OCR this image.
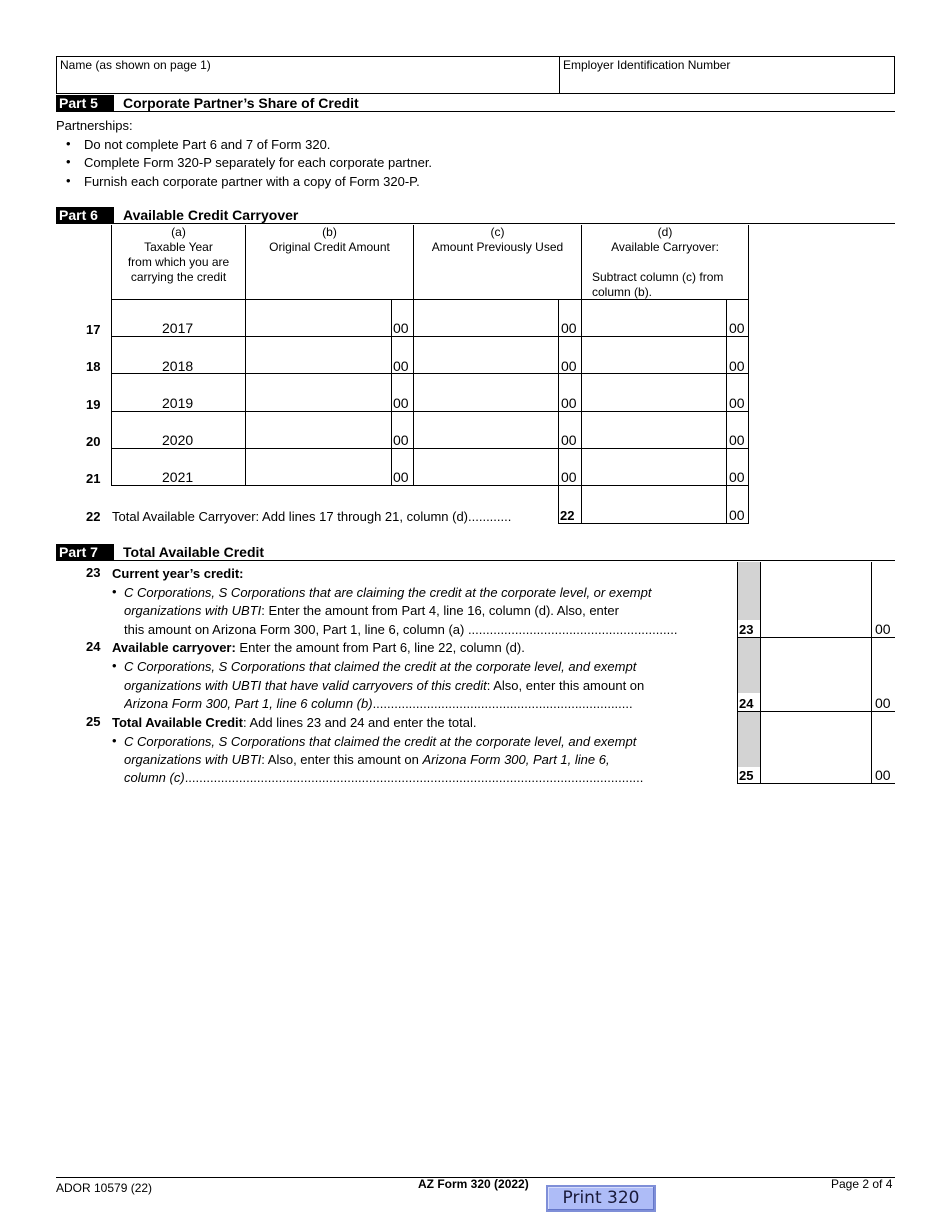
Name (as shown on page 1)	Employer Identification Number
Part 5	Corporate Partner’s Share of Credit
Partnerships:
• Do not complete Part 6 and 7 of Form 320.
• Complete Form 320-P separately for each corporate partner.
• Furnish each corporate partner with a copy of Form 320-P.
Part 6	Available Credit Carryover
(a)
Taxable Year
from which you are
carrying the credit
(b)
Original Credit Amount
(c)
Amount Previously Used
(d)
Available Carryover:
Subtract column (c) from
column (b).
17	2017	00	00	00
18	2018	00	00	00
19	2019	00	00	00
20	2020	00	00	00
21	2021	00	00	00
22 Total Available Carryover: Add lines 17 through 21, column (d)............	22	00
Part 7	Total Available Credit
23 Current year’s credit:
• C Corporations, S Corporations that are claiming the credit at the corporate level, or exempt
organizations with UBTI: Enter the amount from Part 4, line 16, column (d). Also, enter
this amount on Arizona Form 300, Part 1, line 6, column (a) ..........................................................	23	00
24 Available carryover: Enter the amount from Part 6, line 22, column (d).
• C Corporations, S Corporations that claimed the credit at the corporate level, and exempt
organizations with UBTI that have valid carryovers of this credit: Also, enter this amount on
Arizona Form 300, Part 1, line 6 column (b)........................................................................	24	00
25 Total Available Credit: Add lines 23 and 24 and enter the total.
• C Corporations, S Corporations that claimed the credit at the corporate level, and exempt
organizations with UBTI: Also, enter this amount on Arizona Form 300, Part 1, line 6,
column (c)...............................................................................................................................	25	00
ADOR 10579 (22)	AZ Form 320 (2022)	Page 2 of 4
Print 320
